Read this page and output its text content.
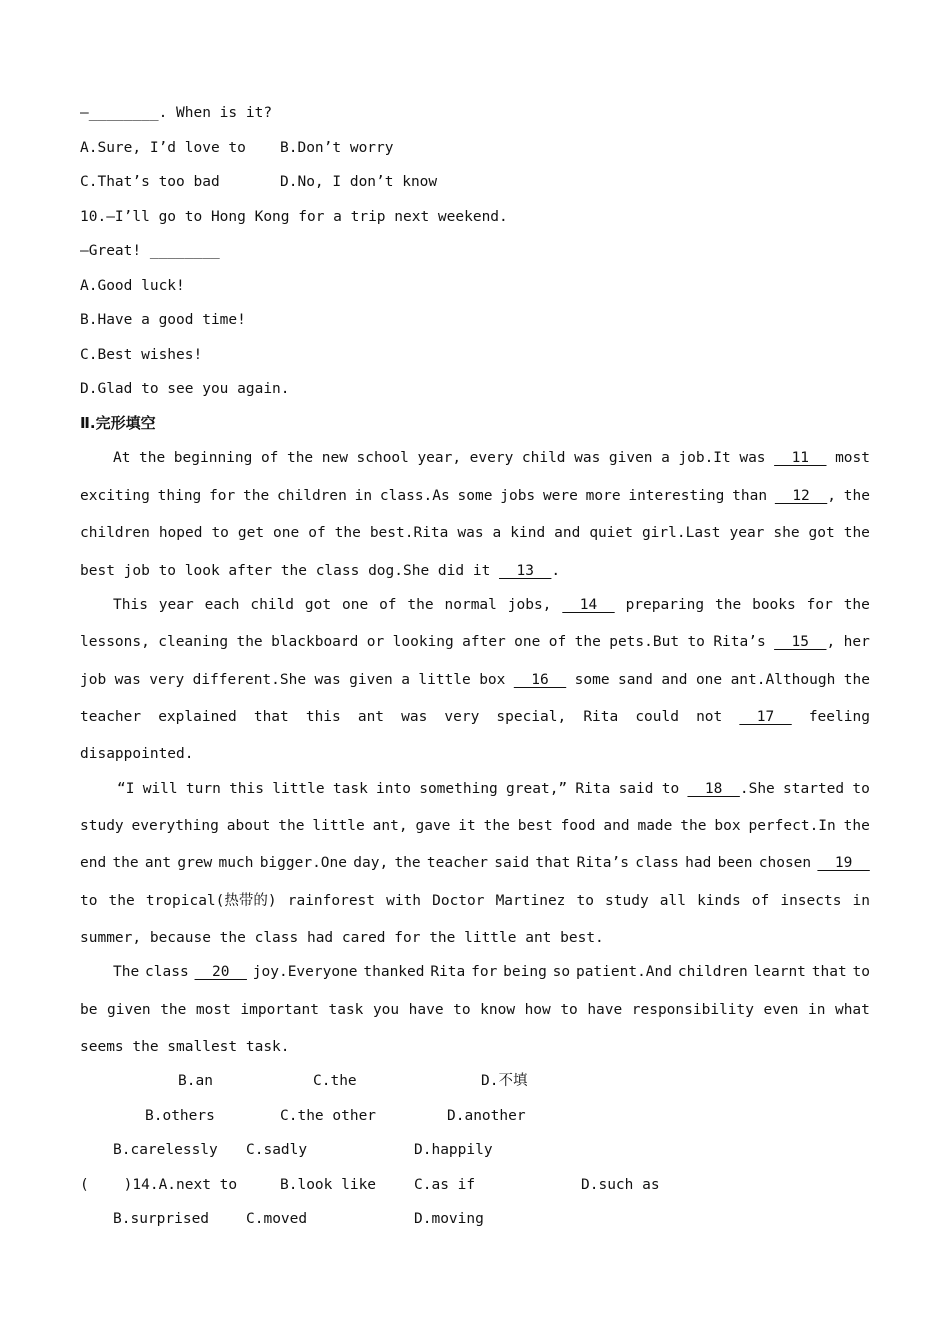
—________. When is it?
A.Sure, I’d love to B.Don’t worry
C.That’s too bad	D.No, I don’t know
10.—I’ll go to Hong Kong for a trip next weekend.
—Great! ________
A.Good luck!
B.Have a good time!
C.Best wishes!
D.Glad to see you again.
Ⅱ.完形填空
At the beginning of the new school year, every child was given a job.It was 11 most
exciting thing for the children in class.As some jobs were more interesting than 12  , the
children hoped to get one of the best.Rita was a kind and quiet girl.Last year she got the
best job to look after the class dog.She did it   13  .
This year each child got one of the normal jobs, 14 preparing the books for the
lessons, cleaning the blackboard or looking after one of the pets.But to Rita’s 15  , her
job was very different.She was given a little box 16 some sand and one ant.Although the
teacher explained that this ant was very special, Rita could not 17 feeling
disappointed.
“I will turn this little task into something great,” Rita said to 18  .She started to
study everything about the little ant, gave it the best food and made the box perfect.In the
end the ant grew much bigger.One day, the teacher said that Rita’s class had been chosen 19
to the tropical(热带的) rainforest with Doctor Martinez to study all kinds of insects in
summer, because the class had cared for the little ant best.
The class 20 joy.Everyone thanked Rita for being so patient.And children learnt that to
be given the most important task you have to know how to have responsibility even in what
seems the smallest task.
B.an	C.the	D.不填
B.others	C.the other	D.another
B.carelessly C.sadly	D.happily
(    )14.A.next to	B.look like	C.as if	D.such as
B.surprised	C.moved	D.moving
